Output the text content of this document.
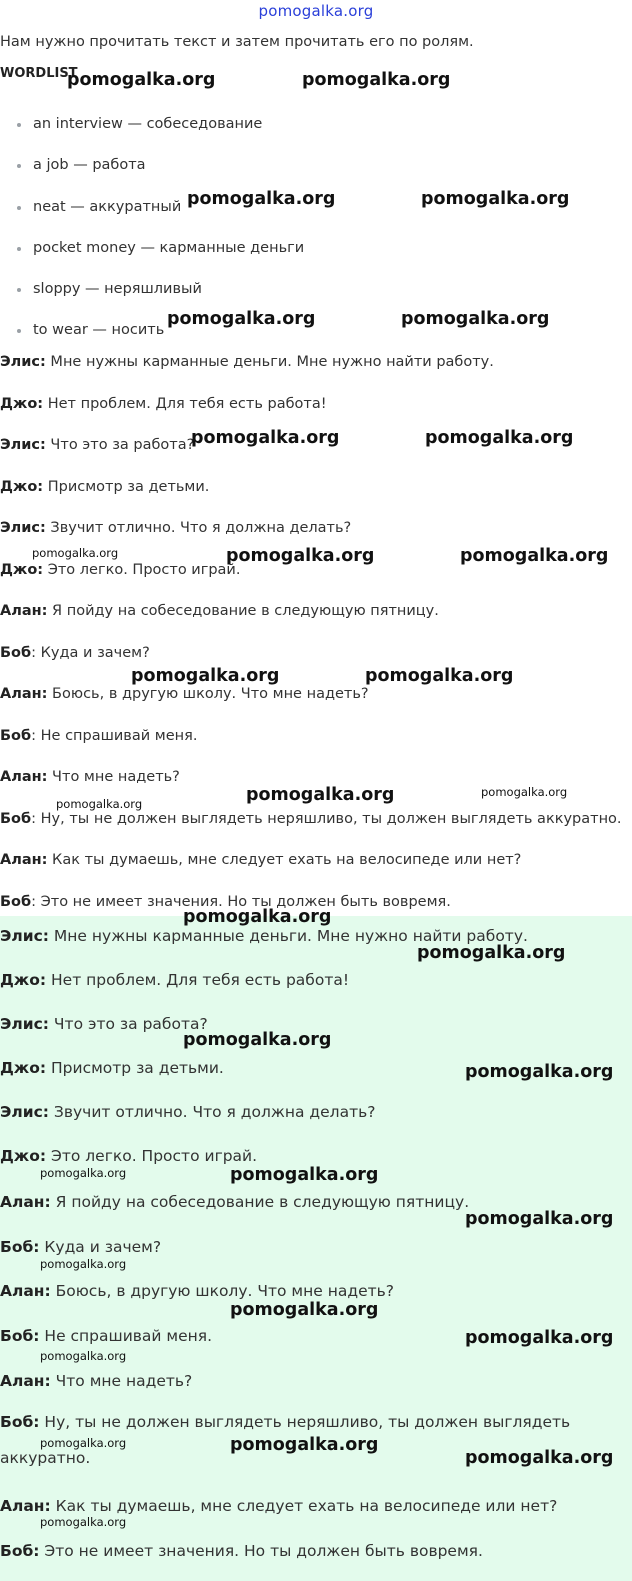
pomogalka.org
Нам нужно прочитать текст и затем прочитать его по ролям.
WORDLIST
an interview — собеседование
a job — работа
neat — аккуратный
pocket money — карманные деньги
sloppy — неряшливый
to wear — носить
Элис: Мне нужны карманные деньги. Мне нужно найти работу.
Джо: Нет проблем. Для тебя есть работа!
Элис: Что это за работа?
Джо: Присмотр за детьми.
Элис: Звучит отлично. Что я должна делать?
Джо: Это легко. Просто играй.
Алан: Я пойду на собеседование в следующую пятницу.
Боб: Куда и зачем?
Алан: Боюсь, в другую школу. Что мне надеть?
Боб: Не спрашивай меня.
Алан: Что мне надеть?
Боб: Ну, ты не должен выглядеть неряшливо, ты должен выглядеть аккуратно.
Алан: Как ты думаешь, мне следует ехать на велосипеде или нет?
Боб: Это не имеет значения. Но ты должен быть вовремя.
Элис: Мне нужны карманные деньги. Мне нужно найти работу.
Джо: Нет проблем. Для тебя есть работа!
Элис: Что это за работа?
Джо: Присмотр за детьми.
Элис: Звучит отлично. Что я должна делать?
Джо: Это легко. Просто играй.
Алан: Я пойду на собеседование в следующую пятницу.
Боб: Куда и зачем?
Алан: Боюсь, в другую школу. Что мне надеть?
Боб: Не спрашивай меня.
Алан: Что мне надеть?
Боб: Ну, ты не должен выглядеть неряшливо, ты должен выглядеть аккуратно.
Алан: Как ты думаешь, мне следует ехать на велосипеде или нет?
Боб: Это не имеет значения. Но ты должен быть вовремя.
pomogalka.org	pomogalka.org
pomogalka.org	pomogalka.org
pomogalka.org	pomogalka.org
pomogalka.org	pomogalka.org
pomogalka.org	pomogalka.org	pomogalka.org
pomogalka.org	pomogalka.org
pomogalka.org	pomogalka.org	pomogalka.org
pomogalka.org
pomogalka.org
pomogalka.org
pomogalka.org
pomogalka.org	pomogalka.org
pomogalka.org
pomogalka.org
pomogalka.org
pomogalka.org
pomogalka.org
pomogalka.org	pomogalka.org
pomogalka.org
pomogalka.org
